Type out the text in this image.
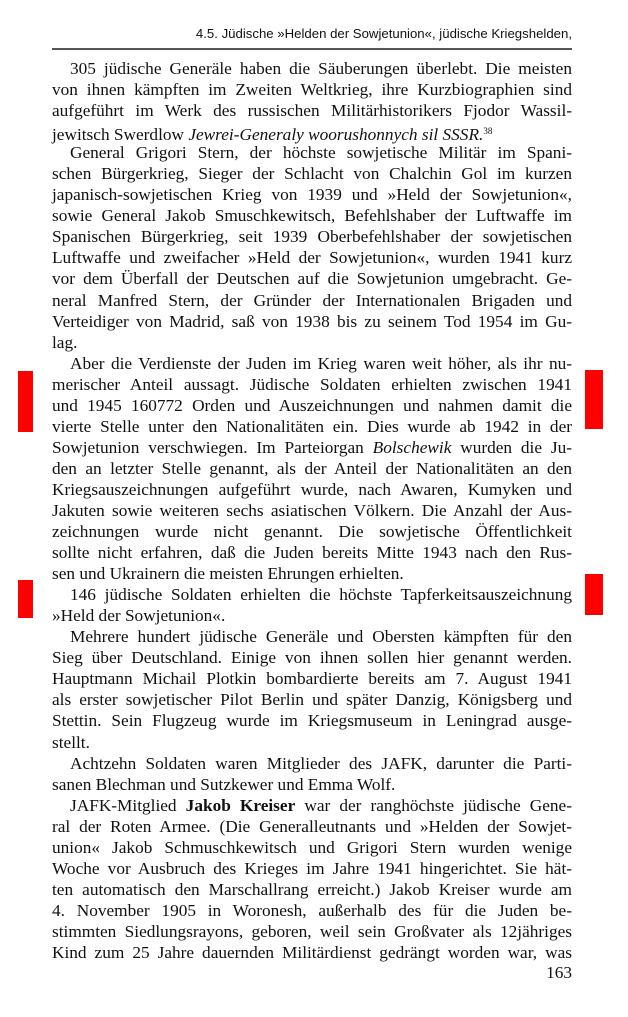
4.5. Jüdische »Helden der Sowjetunion«, jüdische Kriegshelden,
305 jüdische Generäle haben die Säuberungen überlebt. Die meisten
von ihnen kämpften im Zweiten Weltkrieg, ihre Kurzbiographien sind
aufgeführt im Werk des russischen Militärhistorikers Fjodor Wassil-
jewitsch Swerdlow Jewrei-Generaly woorushonnych sil SSSR.$^{38}$
General Grigori Stern, der höchste sowjetische Militär im Spani-
schen Bürgerkrieg, Sieger der Schlacht von Chalchin Gol im kurzen
japanisch-sowjetischen Krieg von 1939 und »Held der Sowjetunion«,
sowie General Jakob Smuschkewitsch, Befehlshaber der Luftwaffe im
Spanischen Bürgerkrieg, seit 1939 Oberbefehlshaber der sowjetischen
Luftwaffe und zweifacher »Held der Sowjetunion«, wurden 1941 kurz
vor dem Überfall der Deutschen auf die Sowjetunion umgebracht. Ge-
neral Manfred Stern, der Gründer der Internationalen Brigaden und
Verteidiger von Madrid, saß von 1938 bis zu seinem Tod 1954 im Gu-
lag.
Aber die Verdienste der Juden im Krieg waren weit höher, als ihr nu-
merischer Anteil aussagt. Jüdische Soldaten erhielten zwischen 1941
und 1945 160772 Orden und Auszeichnungen und nahmen damit die
vierte Stelle unter den Nationalitäten ein. Dies wurde ab 1942 in der
Sowjetunion verschwiegen. Im Parteiorgan Bolschewik wurden die Ju-
den an letzter Stelle genannt, als der Anteil der Nationalitäten an den
Kriegsauszeichnungen aufgeführt wurde, nach Awaren, Kumyken und
Jakuten sowie weiteren sechs asiatischen Völkern. Die Anzahl der Aus-
zeichnungen wurde nicht genannt. Die sowjetische Öffentlichkeit
sollte nicht erfahren, daß die Juden bereits Mitte 1943 nach den Rus-
sen und Ukrainern die meisten Ehrungen erhielten.
146 jüdische Soldaten erhielten die höchste Tapferkeitsauszeichnung
»Held der Sowjetunion«.
Mehrere hundert jüdische Generäle und Obersten kämpften für den
Sieg über Deutschland. Einige von ihnen sollen hier genannt werden.
Hauptmann Michail Plotkin bombardierte bereits am 7. August 1941
als erster sowjetischer Pilot Berlin und später Danzig, Königsberg und
Stettin. Sein Flugzeug wurde im Kriegsmuseum in Leningrad ausge-
stellt.
Achtzehn Soldaten waren Mitglieder des JAFK, darunter die Parti-
sanen Blechman und Sutzkewer und Emma Wolf.
JAFK-Mitglied Jakob Kreiser war der ranghöchste jüdische Gene-
ral der Roten Armee. (Die Generalleutnants und »Helden der Sowjet-
union« Jakob Schmuschkewitsch und Grigori Stern wurden wenige
Woche vor Ausbruch des Krieges im Jahre 1941 hingerichtet. Sie hät-
ten automatisch den Marschallrang erreicht.) Jakob Kreiser wurde am
4. November 1905 in Woronesh, außerhalb des für die Juden be-
stimmten Siedlungsrayons, geboren, weil sein Großvater als 12jähriges
Kind zum 25 Jahre dauernden Militärdienst gedrängt worden war, was
163
